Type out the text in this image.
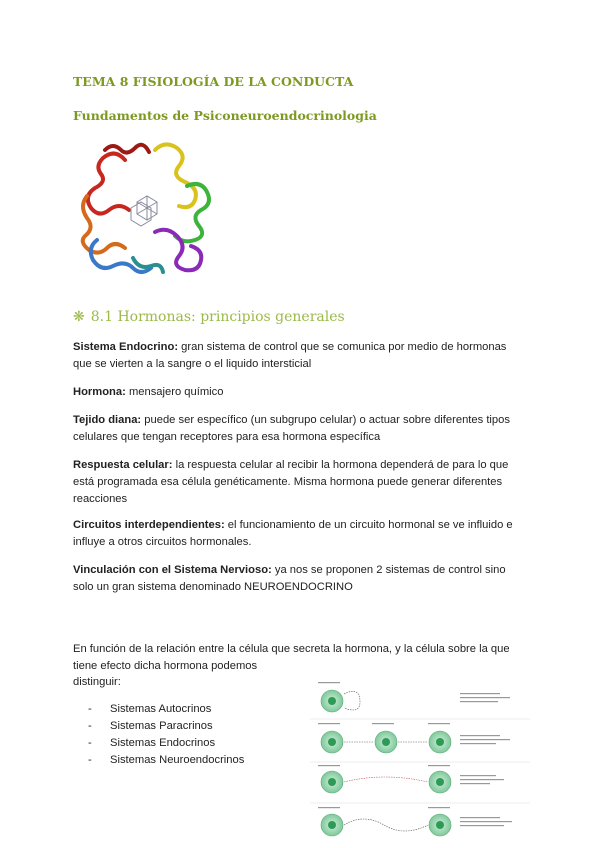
TEMA 8 FISIOLOGÍA DE LA CONDUCTA
Fundamentos de Psiconeuroendocrinologia
❋ 8.1 Hormonas: principios generales
Sistema Endocrino: gran sistema de control que se comunica por medio de hormonas que se vierten a la sangre o el liquido intersticial
Hormona: mensajero químico
Tejido diana: puede ser específico (un subgrupo celular) o actuar sobre diferentes tipos celulares que tengan receptores para esa hormona específica
Respuesta celular: la respuesta celular al recibir la hormona dependerá de para lo que está programada esa célula genéticamente. Misma hormona puede generar diferentes reacciones
Circuitos interdependientes: el funcionamiento de un circuito hormonal se ve influido e influye a otros circuitos hormonales.
Vinculación con el Sistema Nervioso: ya nos se proponen 2 sistemas de control sino solo un gran sistema denominado NEUROENDOCRINO
En función de la relación entre la célula que secreta la hormona, y la célula sobre la que tiene efecto dicha hormona podemos
distinguir:
- Sistemas Autocrinos
- Sistemas Paracrinos
- Sistemas Endocrinos
- Sistemas Neuroendocrinos
